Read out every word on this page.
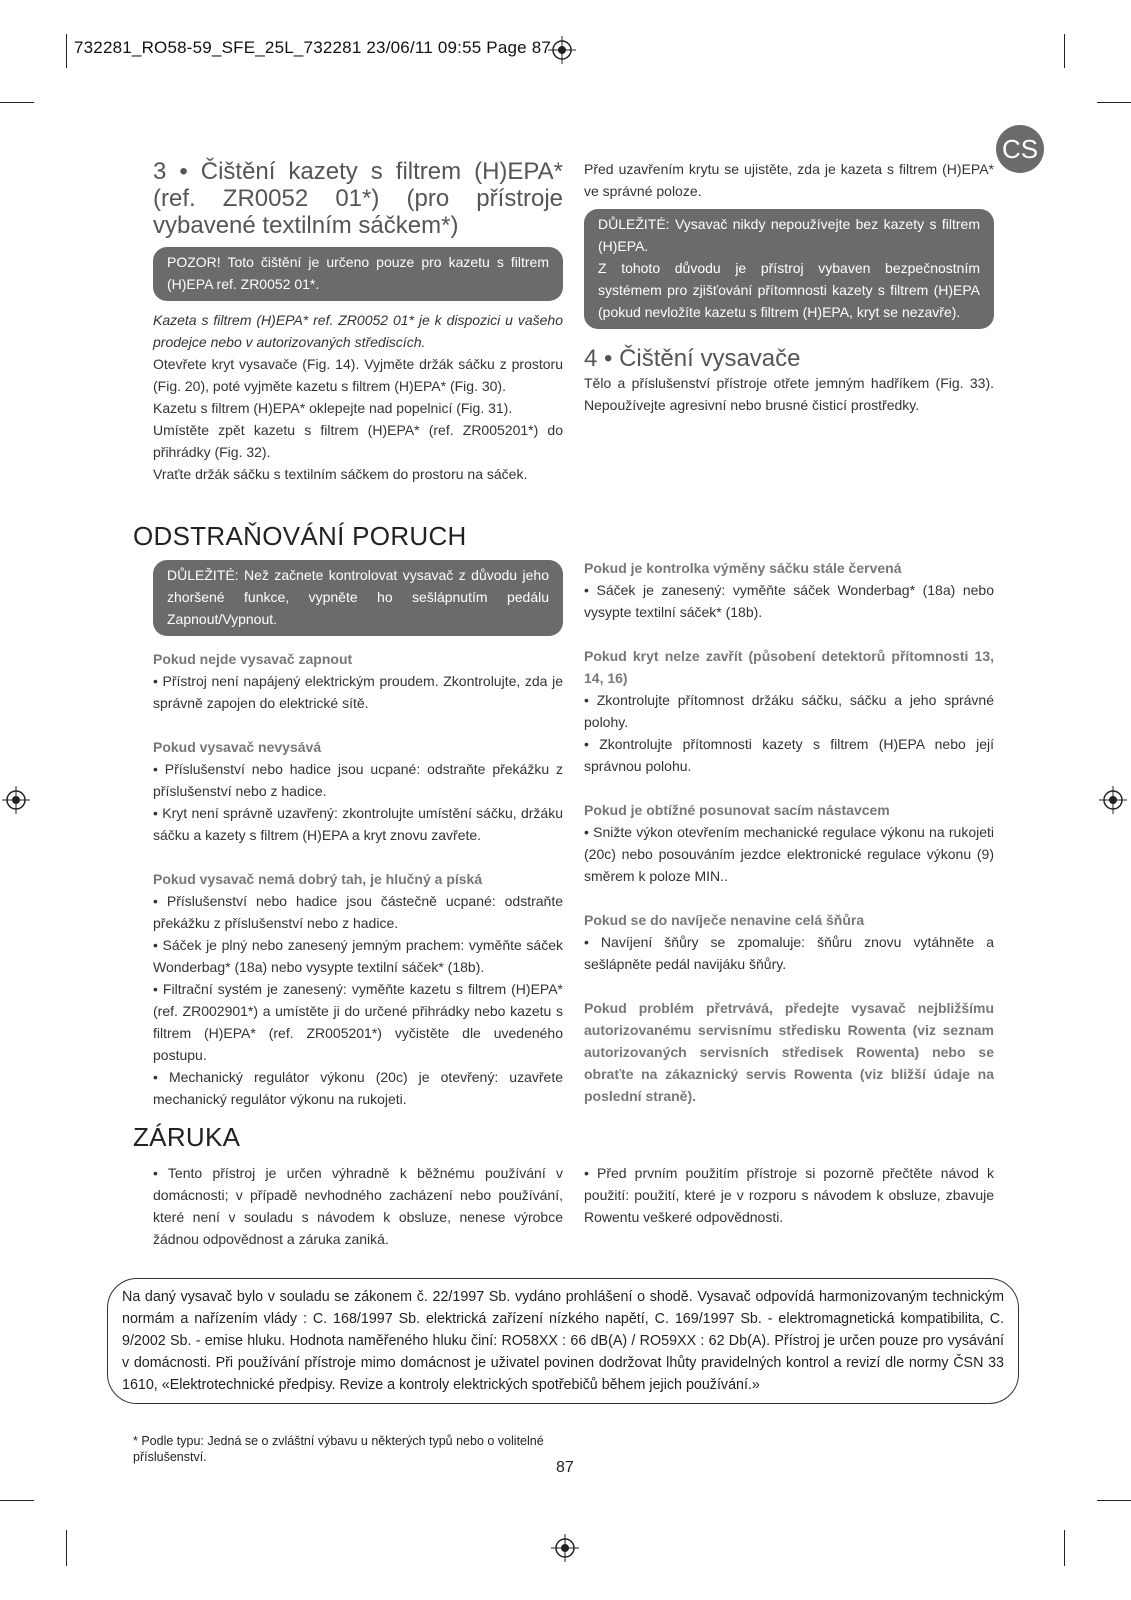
732281_RO58-59_SFE_25L_732281 23/06/11 09:55 Page 87
CS
3 • Čištění kazety s filtrem (H)EPA* (ref. ZR0052 01*) (pro přístroje vybavené textilním sáčkem*)
POZOR! Toto čištění je určeno pouze pro kazetu s filtrem (H)EPA ref. ZR0052 01*.

Kazeta s filtrem (H)EPA* ref. ZR0052 01* je k dispozici u vašeho prodejce nebo v autorizovaných střediscích.

Otevřete kryt vysavače (Fig. 14). Vyjměte držák sáčku z prostoru (Fig. 20), poté vyjměte kazetu s filtrem (H)EPA* (Fig. 30).

Kazetu s filtrem (H)EPA* oklepejte nad popelnicí (Fig. 31).

Umístěte zpět kazetu s filtrem (H)EPA* (ref. ZR005201*) do přihrádky (Fig. 32).

Vraťte držák sáčku s textilním sáčkem do prostoru na sáček.

Před uzavřením krytu se ujistěte, zda je kazeta s filtrem (H)EPA* ve správné poloze.

DŮLEŽITÉ: Vysavač nikdy nepoužívejte bez kazety s filtrem (H)EPA.
Z tohoto důvodu je přístroj vybaven bezpečnostním systémem pro zjišťování přítomnosti kazety s filtrem (H)EPA (pokud nevložíte kazetu s filtrem (H)EPA, kryt se nezavře).
4 • Čištění vysavače

Tělo a příslušenství přístroje otřete jemným hadříkem (Fig. 33). Nepoužívejte agresivní nebo brusné čisticí prostředky.

ODSTRAŇOVÁNÍ PORUCH
DŮLEŽITÉ: Než začnete kontrolovat vysavač z důvodu jeho zhoršené funkce, vypněte ho sešlápnutím pedálu Zapnout/Vypnout.

Pokud nejde vysavač zapnout

• Přístroj není napájený elektrickým proudem. Zkontrolujte, zda je správně zapojen do elektrické sítě.

Pokud vysavač nevysává

• Příslušenství nebo hadice jsou ucpané: odstraňte překážku z příslušenství nebo z hadice.

• Kryt není správně uzavřený: zkontrolujte umístění sáčku, držáku sáčku a kazety s filtrem (H)EPA a kryt znovu zavřete.

Pokud vysavač nemá dobrý tah, je hlučný a píská

• Příslušenství nebo hadice jsou částečně ucpané: odstraňte překážku z příslušenství nebo z hadice.

• Sáček je plný nebo zanesený jemným prachem: vyměňte sáček Wonderbag* (18a) nebo vysypte textilní sáček* (18b).

• Filtrační systém je zanesený: vyměňte kazetu s filtrem (H)EPA* (ref. ZR002901*) a umístěte ji do určené přihrádky nebo kazetu s filtrem (H)EPA* (ref. ZR005201*) vyčistěte dle uvedeného postupu.

• Mechanický regulátor výkonu (20c) je otevřený: uzavřete mechanický regulátor výkonu na rukojeti.

Pokud je kontrolka výměny sáčku stále červená

• Sáček je zanesený: vyměňte sáček Wonderbag* (18a) nebo vysypte textilní sáček* (18b).

Pokud kryt nelze zavřít (působení detektorů přítomnosti 13, 14, 16)

• Zkontrolujte přítomnost držáku sáčku, sáčku a jeho správné polohy.

• Zkontrolujte přítomnosti kazety s filtrem (H)EPA nebo její správnou polohu.

Pokud je obtížné posunovat sacím nástavcem

• Snižte výkon otevřením mechanické regulace výkonu na rukojeti (20c) nebo posouváním jezdce elektronické regulace výkonu (9) směrem k poloze MIN..

Pokud se do navíječe nenavine celá šňůra

• Navíjení šňůry se zpomaluje: šňůru znovu vytáhněte a sešlápněte pedál navijáku šňůry.

Pokud problém přetrvává, předejte vysavač nejbližšímu autorizovanému servisnímu středisku Rowenta (viz seznam autorizovaných servisních středisek Rowenta) nebo se obraťte na zákaznický servis Rowenta (viz bližší údaje na poslední straně).

ZÁRUKA

• Tento přístroj je určen výhradně k běžnému používání v domácnosti; v případě nevhodného zacházení nebo používání, které není v souladu s návodem k obsluze, nenese výrobce žádnou odpovědnost a záruka zaniká.

• Před prvním použitím přístroje si pozorně přečtěte návod k použití: použití, které je v rozporu s návodem k obsluze, zbavuje Rowentu veškeré odpovědnosti.

Na daný vysavač bylo v souladu se zákonem č. 22/1997 Sb. vydáno prohlášení o shodě. Vysavač odpovídá harmonizovaným technickým normám a nařízením vlády : C. 168/1997 Sb. elektrická zařízení nízkého napětí, C. 169/1997 Sb. - elektromagnetická kompatibilita, C. 9/2002 Sb. - emise hluku. Hodnota naměřeného hluku činí: RO58XX : 66 dB(A) / RO59XX : 62 Db(A). Přístroj je určen pouze pro vysávání v domácnosti. Při používání přístroje mimo domácnost je uživatel povinen dodržovat lhůty pravidelných kontrol a revizí dle normy ČSN 33 1610, «Elektrotechnické předpisy. Revize a kontroly elektrických spotřebičů během jejich používání.»
* Podle typu: Jedná se o zvláštní výbavu u některých typů nebo o volitelné příslušenství.
87
